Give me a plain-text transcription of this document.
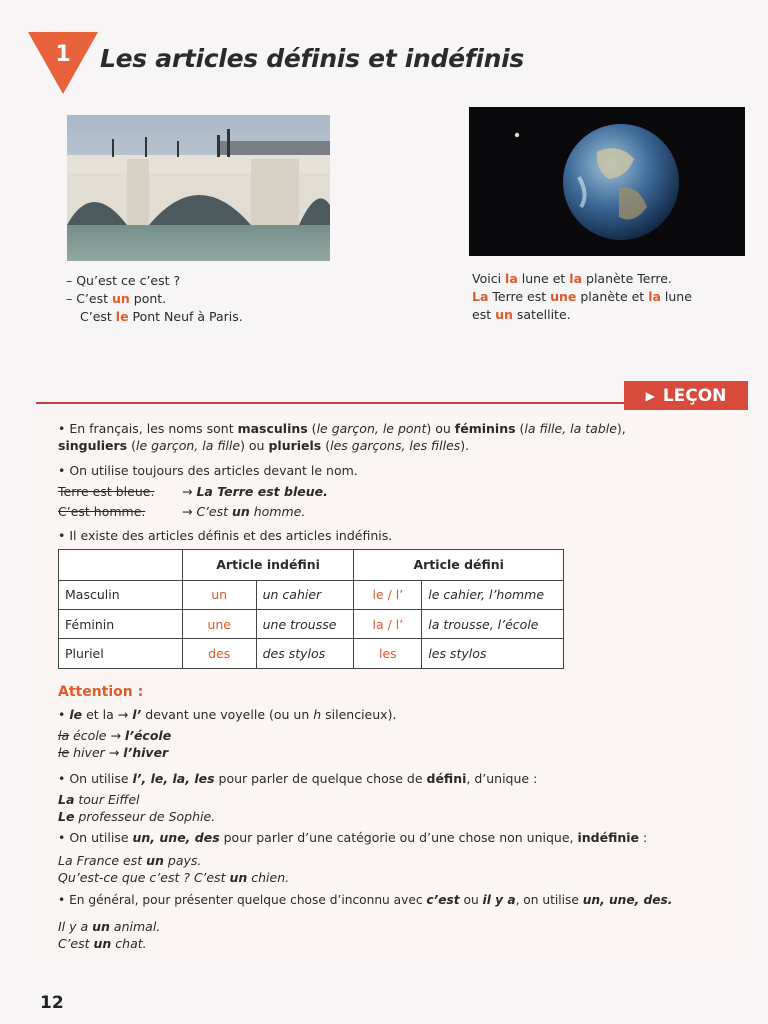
1	Les articles définis et indéfinis
– Qu’est ce c’est ?
– C’est un pont.
C’est le Pont Neuf à Paris.
Voici la lune et la planète Terre.
La Terre est une planète et la lune
est un satellite.
▶ LEÇON
• En français, les noms sont masculins (le garçon, le pont) ou féminins (la fille, la table),
singuliers (le garçon, la fille) ou pluriels (les garçons, les filles).
• On utilise toujours des articles devant le nom.
Terre est bleue. → La Terre est bleue.
C’est homme.	→ C’est un homme.
• Il existe des articles définis et des articles indéfinis.
	Article indéfini		Article défini	
Masculin	un	un cahier	le / l’	le cahier, l’homme
Féminin	une	une trousse	la / l’	la trousse, l’école
Pluriel	des	des stylos	les	les stylos
Attention :
• le et la → l’ devant une voyelle (ou un h silencieux).
la école → l’école
le hiver → l’hiver
• On utilise l’, le, la, les pour parler de quelque chose de défini, d’unique :
La tour Eiffel
Le professeur de Sophie.
• On utilise un, une, des pour parler d’une catégorie ou d’une chose non unique, indéfinie :
La France est un pays.
Qu’est-ce que c’est ? C’est un chien.
• En général, pour présenter quelque chose d’inconnu avec c’est ou il y a, on utilise un, une, des.
Il y a un animal.
C’est un chat.
12
